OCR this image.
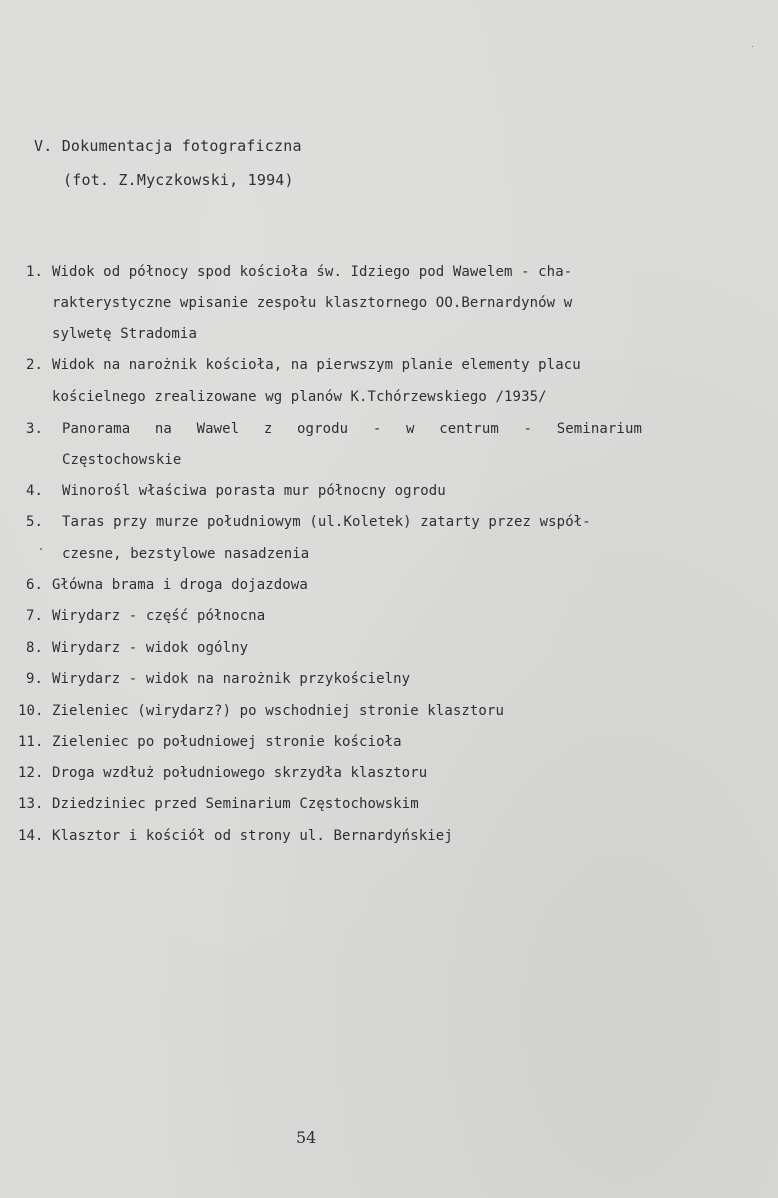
V. Dokumentacja fotograficzna
(fot. Z.Myczkowski, 1994)
1. Widok od północy spod kościoła św. Idziego pod Wawelem - cha-
rakterystyczne wpisanie zespołu klasztornego OO.Bernardynów w
sylwetę Stradomia
2. Widok na narożnik kościoła, na pierwszym planie elementy placu
kościelnego zrealizowane wg planów K.Tchórzewskiego /1935/
3. Panorama na Wawel z ogrodu - w centrum - Seminarium
Częstochowskie
4. Winorośl właściwa porasta mur północny ogrodu
5. Taras przy murze południowym (ul.Koletek) zatarty przez współ-
czesne, bezstylowe nasadzenia
6. Główna brama i droga dojazdowa
7. Wirydarz - część północna
8. Wirydarz - widok ogólny
9. Wirydarz - widok na narożnik przykościelny
10. Zieleniec (wirydarz?) po wschodniej stronie klasztoru
11. Zieleniec po południowej stronie kościoła
12. Droga wzdłuż południowego skrzydła klasztoru
13. Dziedziniec przed Seminarium Częstochowskim
14. Klasztor i kościół od strony ul. Bernardyńskiej
54
